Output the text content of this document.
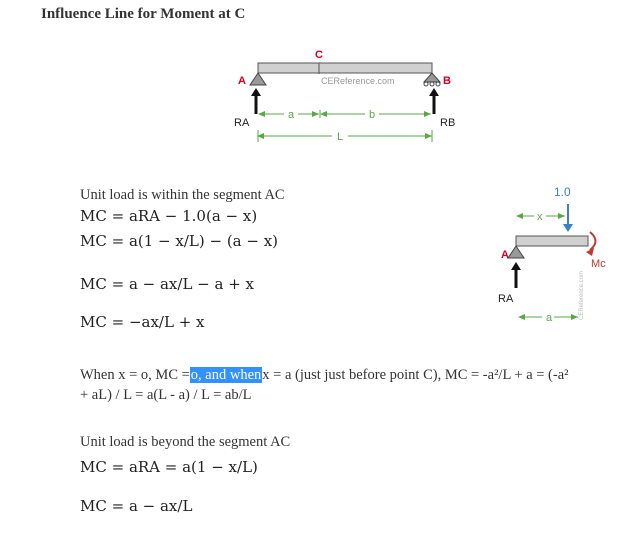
Influence Line for Moment at C
CEReference.com
C
A	B
RA	RB
a	b
L
1.0
x
Mc
A
RA
a	CEReference.com
Unit load is within the segment AC
MC = aRA − 1.0(a − x)
MC = a(1 − x/L) − (a − x)
MC = a − ax/L − a + x
MC = −ax/L + x
When x = o, MC =o, and whenx = a (just just before point C), MC = -a²/L + a = (-a²
+ aL) / L = a(L - a) / L = ab/L
Unit load is beyond the segment AC
MC = aRA = a(1 − x/L)
MC = a − ax/L
